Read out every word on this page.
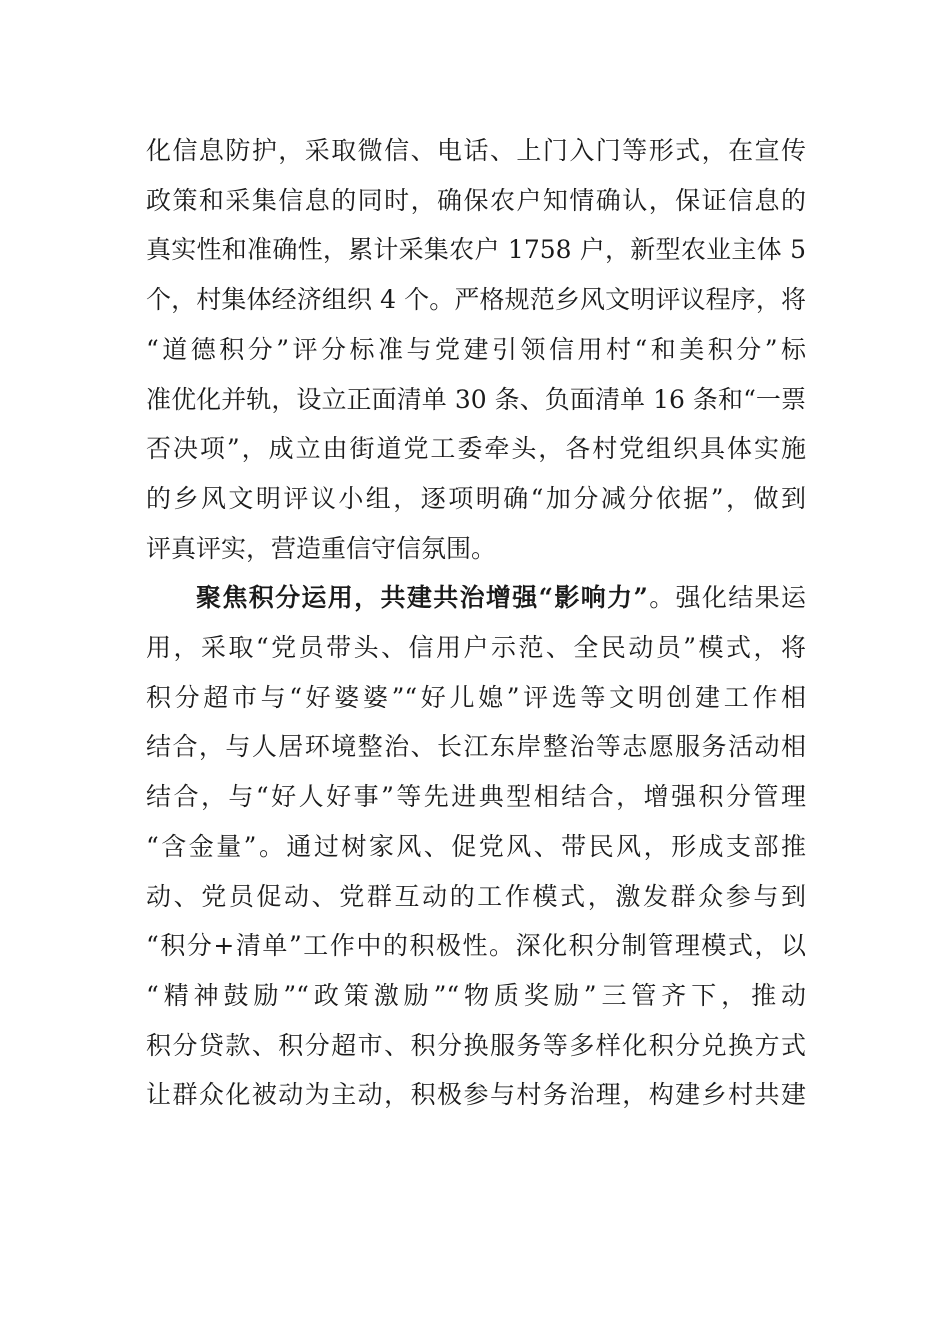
化信息防护，采取微信、电话、上门入门等形式，在宣传
政策和采集信息的同时，确保农户知情确认，保证信息的
真实性和准确性，累计采集农户 1758 户，新型农业主体 5
个，村集体经济组织 4 个。严格规范乡风文明评议程序，将
“道德积分”评分标准与党建引领信用村“和美积分”标
准优化并轨，设立正面清单 30 条、负面清单 16 条和“一票
否决项”，成立由街道党工委牵头，各村党组织具体实施
的乡风文明评议小组，逐项明确“加分减分依据”，做到
评真评实，营造重信守信氛围。
聚焦积分运用，共建共治增强“影响力”。强化结果运
用，采取“党员带头、信用户示范、全民动员”模式，将
积分超市与“好婆婆”“好儿媳”评选等文明创建工作相
结合，与人居环境整治、长江东岸整治等志愿服务活动相
结合，与“好人好事”等先进典型相结合，增强积分管理
“含金量”。通过树家风、促党风、带民风，形成支部推
动、党员促动、党群互动的工作模式，激发群众参与到
“积分+清单”工作中的积极性。深化积分制管理模式，以
“精神鼓励”“政策激励”“物质奖励”三管齐下，推动
积分贷款、积分超市、积分换服务等多样化积分兑换方式
让群众化被动为主动，积极参与村务治理，构建乡村共建
